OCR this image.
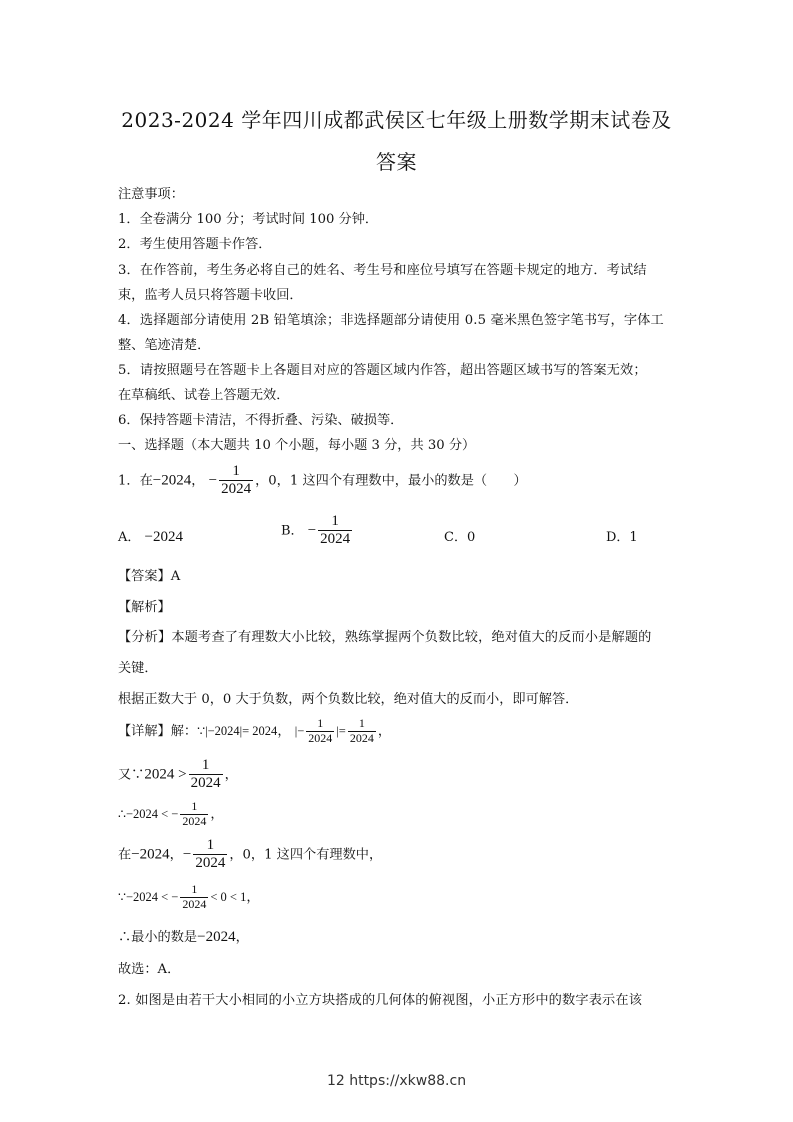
2023-2024 学年四川成都武侯区七年级上册数学期末试卷及
答案
注意事项：
1．全卷满分 100 分；考试时间 100 分钟．
2．考生使用答题卡作答．
3．在作答前，考生务必将自己的姓名、考生号和座位号填写在答题卡规定的地方．考试结
束，监考人员只将答题卡收回．
4．选择题部分请使用 2B 铅笔填涂；非选择题部分请使用 0.5 毫米黑色签字笔书写，字体工
整、笔迹清楚．
5．请按照题号在答题卡上各题目对应的答题区域内作答，超出答题区域书写的答案无效；
在草稿纸、试卷上答题无效．
6．保持答题卡清洁，不得折叠、污染、破损等．
一、选择题（本大题共 10 个小题，每小题 3 分，共 30 分）
1．在−2024， − $\frac{1}{2024}$ ，0，1 这四个有理数中，最小的数是（　　）
A． −2024	B． − $\frac{1}{2024}$	C．0	D．1
【答案】A
【解析】
【分析】本题考查了有理数大小比较，熟练掌握两个负数比较，绝对值大的反而小是解题的
关键．
根据正数大于 0，0 大于负数，两个负数比较，绝对值大的反而小，即可解答．
【详解】解：∵|−2024|= 2024， |− $\frac{1}{2024}$ |= $\frac{1}{2024}$ ，
又∵2024 > $\frac{1}{2024}$ ，
∴−2024 < − $\frac{1}{2024}$ ，
在−2024，− $\frac{1}{2024}$ ，0，1 这四个有理数中，
∵−2024 < − $\frac{1}{2024} < 0 < 1$，
∴最小的数是−2024，
故选：A．
2. 如图是由若干大小相同的小立方块搭成的几何体的俯视图，小正方形中的数字表示在该
12 https://xkw88.cn
